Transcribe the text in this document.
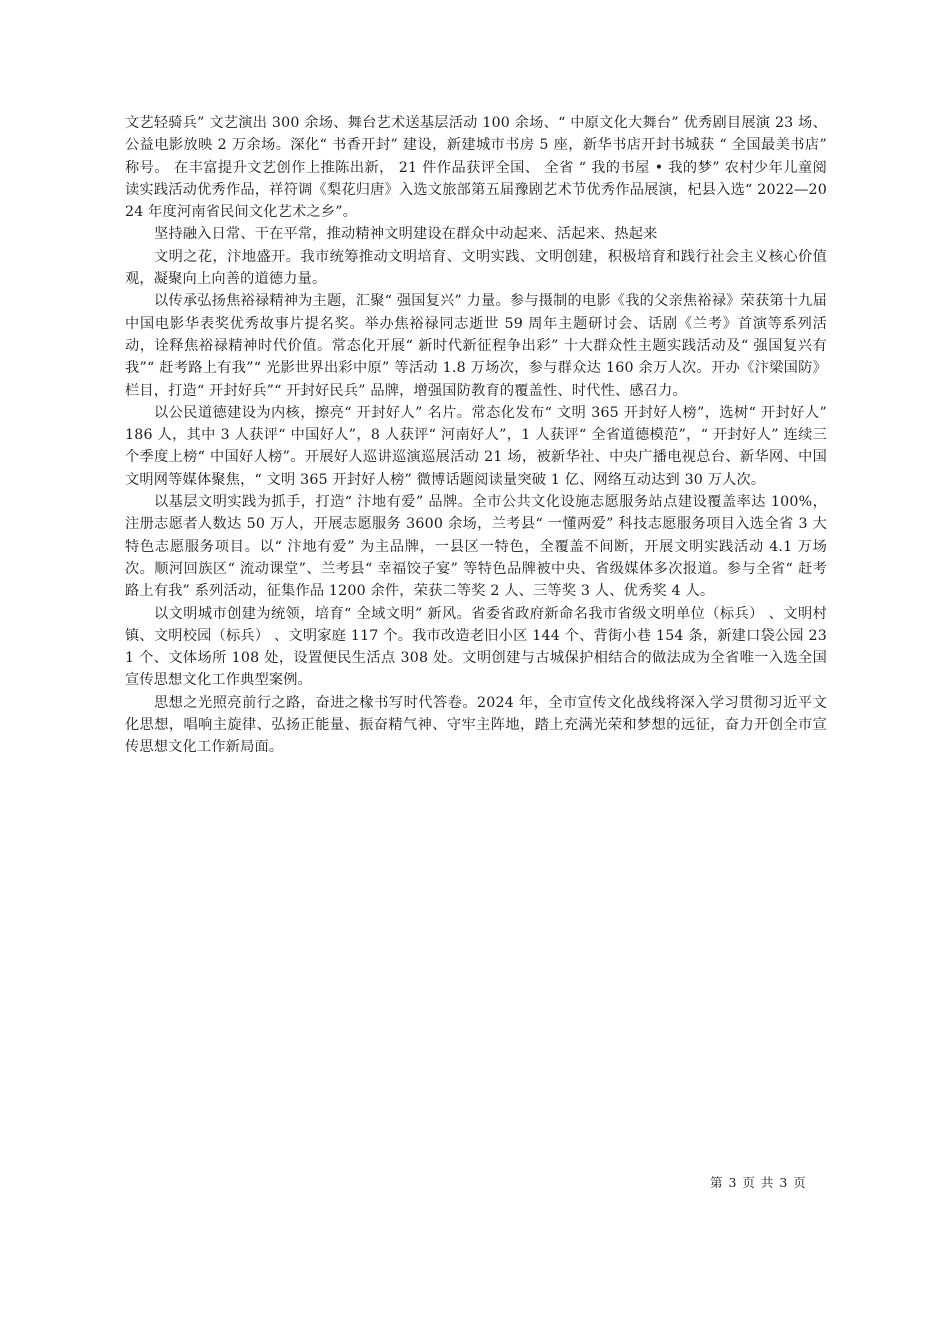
文艺轻骑兵” 文艺演出 300 余场、舞台艺术送基层活动 100 余场、“ 中原文化大舞台” 优秀剧目展演 23 场、公益电影放映 2 万余场。深化“ 书香开封” 建设，新建城市书房 5 座，新华书店开封书城获 “ 全国最美书店” 称号。 在丰富提升文艺创作上推陈出新， 21 件作品获评全国、 全省 “ 我的书屋 • 我的梦” 农村少年儿童阅读实践活动优秀作品，祥符调《梨花归唐》入选文旅部第五届豫剧艺术节优秀作品展演，杞县入选“ 2022—2024 年度河南省民间文化艺术之乡”。

坚持融入日常、干在平常，推动精神文明建设在群众中动起来、活起来、热起来

文明之花，汴地盛开。我市统筹推动文明培育、文明实践、文明创建，积极培育和践行社会主义核心价值观，凝聚向上向善的道德力量。

以传承弘扬焦裕禄精神为主题，汇聚“ 强国复兴” 力量。参与摄制的电影《我的父亲焦裕禄》荣获第十九届中国电影华表奖优秀故事片提名奖。举办焦裕禄同志逝世 59 周年主题研讨会、话剧《兰考》首演等系列活动，诠释焦裕禄精神时代价值。常态化开展“ 新时代新征程争出彩” 十大群众性主题实践活动及“ 强国复兴有我”“ 赶考路上有我”“ 光影世界出彩中原” 等活动 1.8 万场次，参与群众达 160 余万人次。开办《汴梁国防》栏目，打造“ 开封好兵”“ 开封好民兵” 品牌，增强国防教育的覆盖性、时代性、感召力。

以公民道德建设为内核，擦亮“ 开封好人” 名片。常态化发布“ 文明 365 开封好人榜”，选树“ 开封好人” 186 人，其中 3 人获评“ 中国好人”，8 人获评“ 河南好人”，1 人获评“ 全省道德模范”，“ 开封好人” 连续三个季度上榜“ 中国好人榜”。开展好人巡讲巡演巡展活动 21 场，被新华社、中央广播电视总台、新华网、中国文明网等媒体聚焦，“ 文明 365 开封好人榜” 微博话题阅读量突破 1 亿、网络互动达到 30 万人次。

以基层文明实践为抓手，打造“ 汴地有爱” 品牌。全市公共文化设施志愿服务站点建设覆盖率达 100%，注册志愿者人数达 50 万人，开展志愿服务 3600 余场，兰考县“ 一懂两爱” 科技志愿服务项目入选全省 3 大特色志愿服务项目。以“ 汴地有爱” 为主品牌，一县区一特色，全覆盖不间断，开展文明实践活动 4.1 万场次。顺河回族区“ 流动课堂”、兰考县“ 幸福饺子宴” 等特色品牌被中央、省级媒体多次报道。参与全省“ 赶考路上有我” 系列活动，征集作品 1200 余件，荣获二等奖 2 人、三等奖 3 人、优秀奖 4 人。

以文明城市创建为统领，培育“ 全域文明” 新风。省委省政府新命名我市省级文明单位（标兵） 、文明村镇、文明校园（标兵） 、文明家庭 117 个。我市改造老旧小区 144 个、背街小巷 154 条，新建口袋公园 231 个、文体场所 108 处，设置便民生活点 308 处。文明创建与古城保护相结合的做法成为全省唯一入选全国宣传思想文化工作典型案例。

思想之光照亮前行之路，奋进之椽书写时代答卷。2024 年，全市宣传文化战线将深入学习贯彻习近平文化思想，唱响主旋律、弘扬正能量、振奋精气神、守牢主阵地，踏上充满光荣和梦想的远征，奋力开创全市宣传思想文化工作新局面。

第 3 页 共 3 页
